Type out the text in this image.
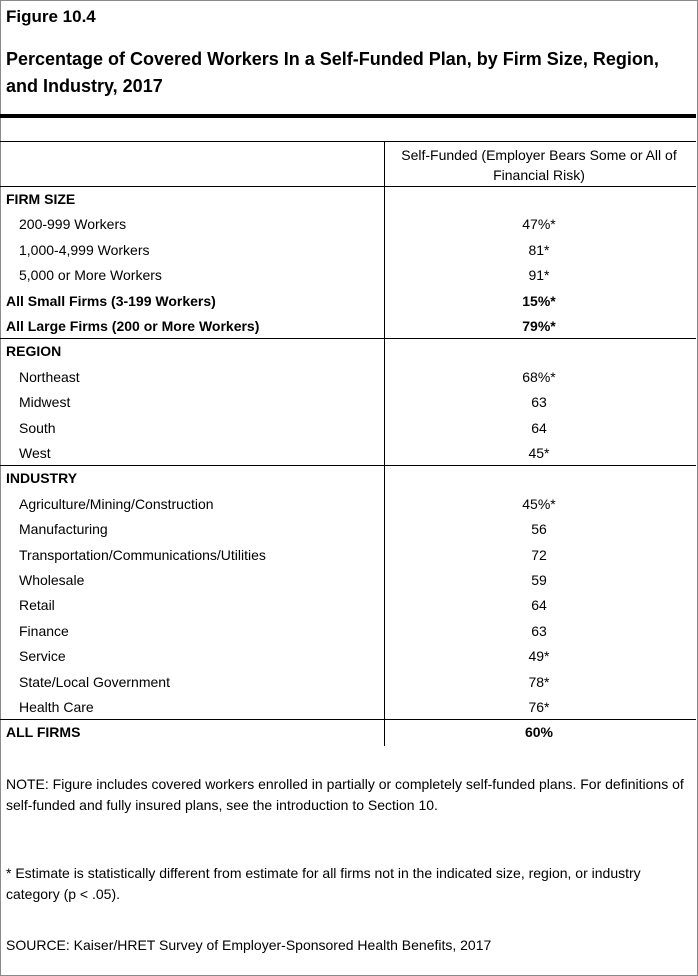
Figure 10.4
Percentage of Covered Workers In a Self-Funded Plan, by Firm Size, Region, and Industry, 2017
Self-Funded (Employer Bears Some or All of Financial Risk)
FIRM SIZE
200-999 Workers	47%*
1,000-4,999 Workers	81*
5,000 or More Workers	91*
All Small Firms (3-199 Workers)	15%*
All Large Firms (200 or More Workers)	79%*
REGION
Northeast	68%*
Midwest	63
South	64
West	45*
INDUSTRY
Agriculture/Mining/Construction	45%*
Manufacturing	56
Transportation/Communications/Utilities	72
Wholesale	59
Retail	64
Finance	63
Service	49*
State/Local Government	78*
Health Care	76*
ALL FIRMS	60%
NOTE: Figure includes covered workers enrolled in partially or completely self-funded plans. For definitions of self-funded and fully insured plans, see the introduction to Section 10.
* Estimate is statistically different from estimate for all firms not in the indicated size, region, or industry category (p < .05).
SOURCE: Kaiser/HRET Survey of Employer-Sponsored Health Benefits, 2017
